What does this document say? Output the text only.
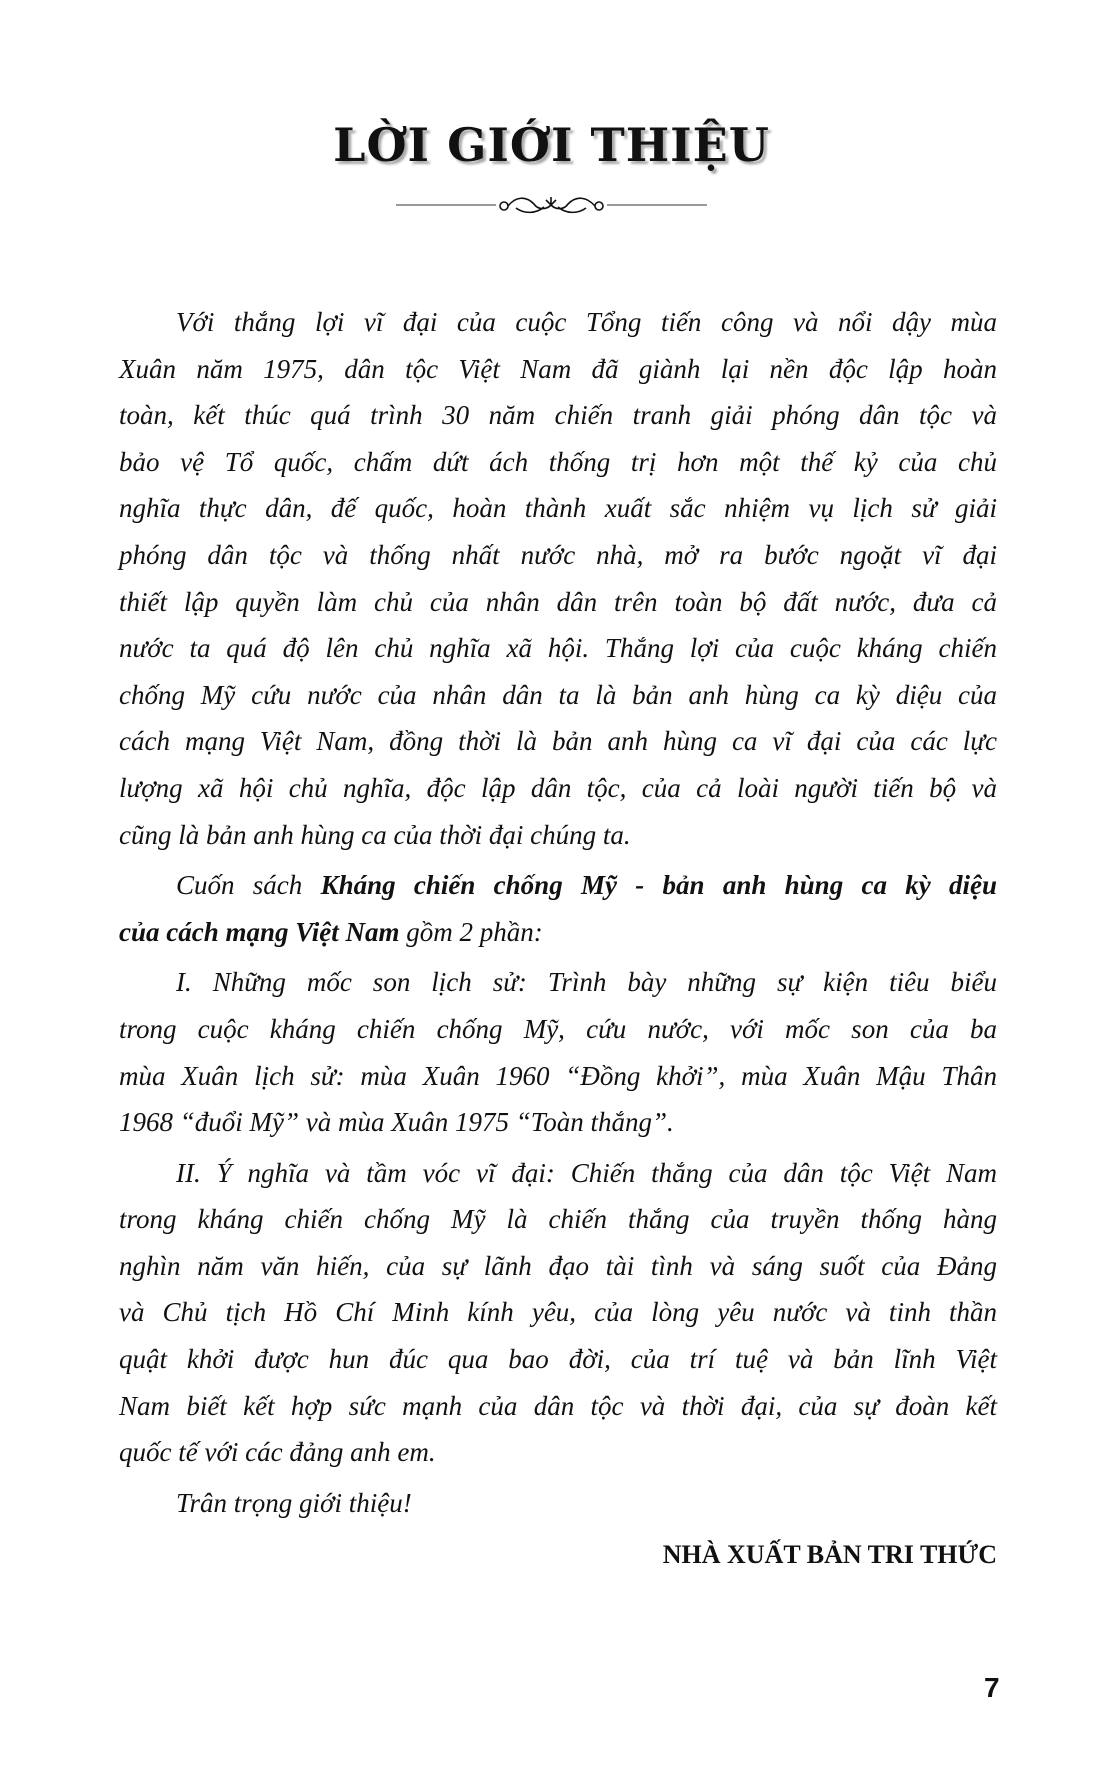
LỜI GIỚI THIỆU
Với thắng lợi vĩ đại của cuộc Tổng tiến công và nổi dậy mùa
Xuân năm 1975, dân tộc Việt Nam đã giành lại nền độc lập hoàn
toàn, kết thúc quá trình 30 năm chiến tranh giải phóng dân tộc và
bảo vệ Tổ quốc, chấm dứt ách thống trị hơn một thế kỷ của chủ
nghĩa thực dân, đế quốc, hoàn thành xuất sắc nhiệm vụ lịch sử giải
phóng dân tộc và thống nhất nước nhà, mở ra bước ngoặt vĩ đại
thiết lập quyền làm chủ của nhân dân trên toàn bộ đất nước, đưa cả
nước ta quá độ lên chủ nghĩa xã hội. Thắng lợi của cuộc kháng chiến
chống Mỹ cứu nước của nhân dân ta là bản anh hùng ca kỳ diệu của
cách mạng Việt Nam, đồng thời là bản anh hùng ca vĩ đại của các lực
lượng xã hội chủ nghĩa, độc lập dân tộc, của cả loài người tiến bộ và
cũng là bản anh hùng ca của thời đại chúng ta.
Cuốn sách Kháng chiến chống Mỹ - bản anh hùng ca kỳ diệu
của cách mạng Việt Nam gồm 2 phần:
I. Những mốc son lịch sử: Trình bày những sự kiện tiêu biểu
trong cuộc kháng chiến chống Mỹ, cứu nước, với mốc son của ba
mùa Xuân lịch sử: mùa Xuân 1960 “Đồng khởi”, mùa Xuân Mậu Thân
1968 “đuổi Mỹ” và mùa Xuân 1975 “Toàn thắng”.
II. Ý nghĩa và tầm vóc vĩ đại: Chiến thắng của dân tộc Việt Nam
trong kháng chiến chống Mỹ là chiến thắng của truyền thống hàng
nghìn năm văn hiến, của sự lãnh đạo tài tình và sáng suốt của Đảng
và Chủ tịch Hồ Chí Minh kính yêu, của lòng yêu nước và tinh thần
quật khởi được hun đúc qua bao đời, của trí tuệ và bản lĩnh Việt
Nam biết kết hợp sức mạnh của dân tộc và thời đại, của sự đoàn kết
quốc tế với các đảng anh em.
Trân trọng giới thiệu!
NHÀ XUẤT BẢN TRI THỨC
7
